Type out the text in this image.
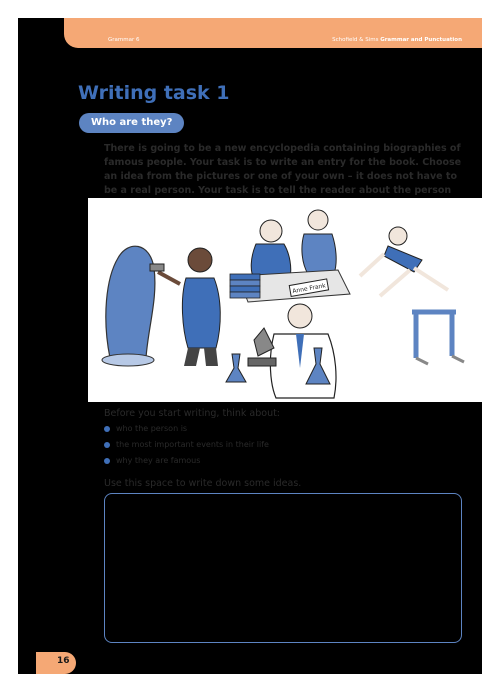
Grammar 6	Schofield & Sims Grammar and Punctuation
Writing task 1
Who are they?
There is going to be a new encyclopedia containing biographies of famous people. Your task is to write an entry for the book. Choose an idea from the pictures or one of your own – it does not have to be a real person. Your task is to tell the reader about the person
Anne Frank
Before you start writing, think about:
who the person is
the most important events in their life
why they are famous
Use this space to write down some ideas.
16
